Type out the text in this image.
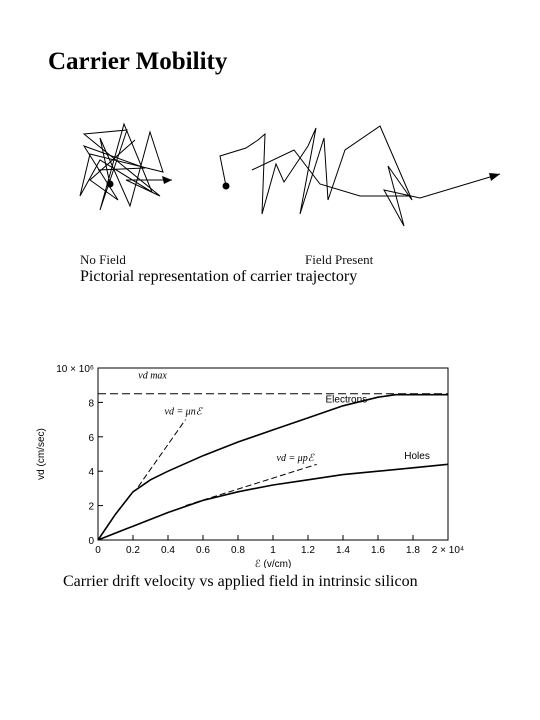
Carrier Mobility
No Field	Field Present
Pictorial representation of carrier trajectory
0	0.2 0.4 0.6 0.8	1	1.2 1.4 1.6 1.8 2 × 10⁴
0
2
4
6
8
10 × 10⁶
ℰ (v/cm)
vd (cm/sec)
Electrons
Holes
vd max
vd = μnℰ
vd = μpℰ
Carrier drift velocity vs applied field in intrinsic silicon
